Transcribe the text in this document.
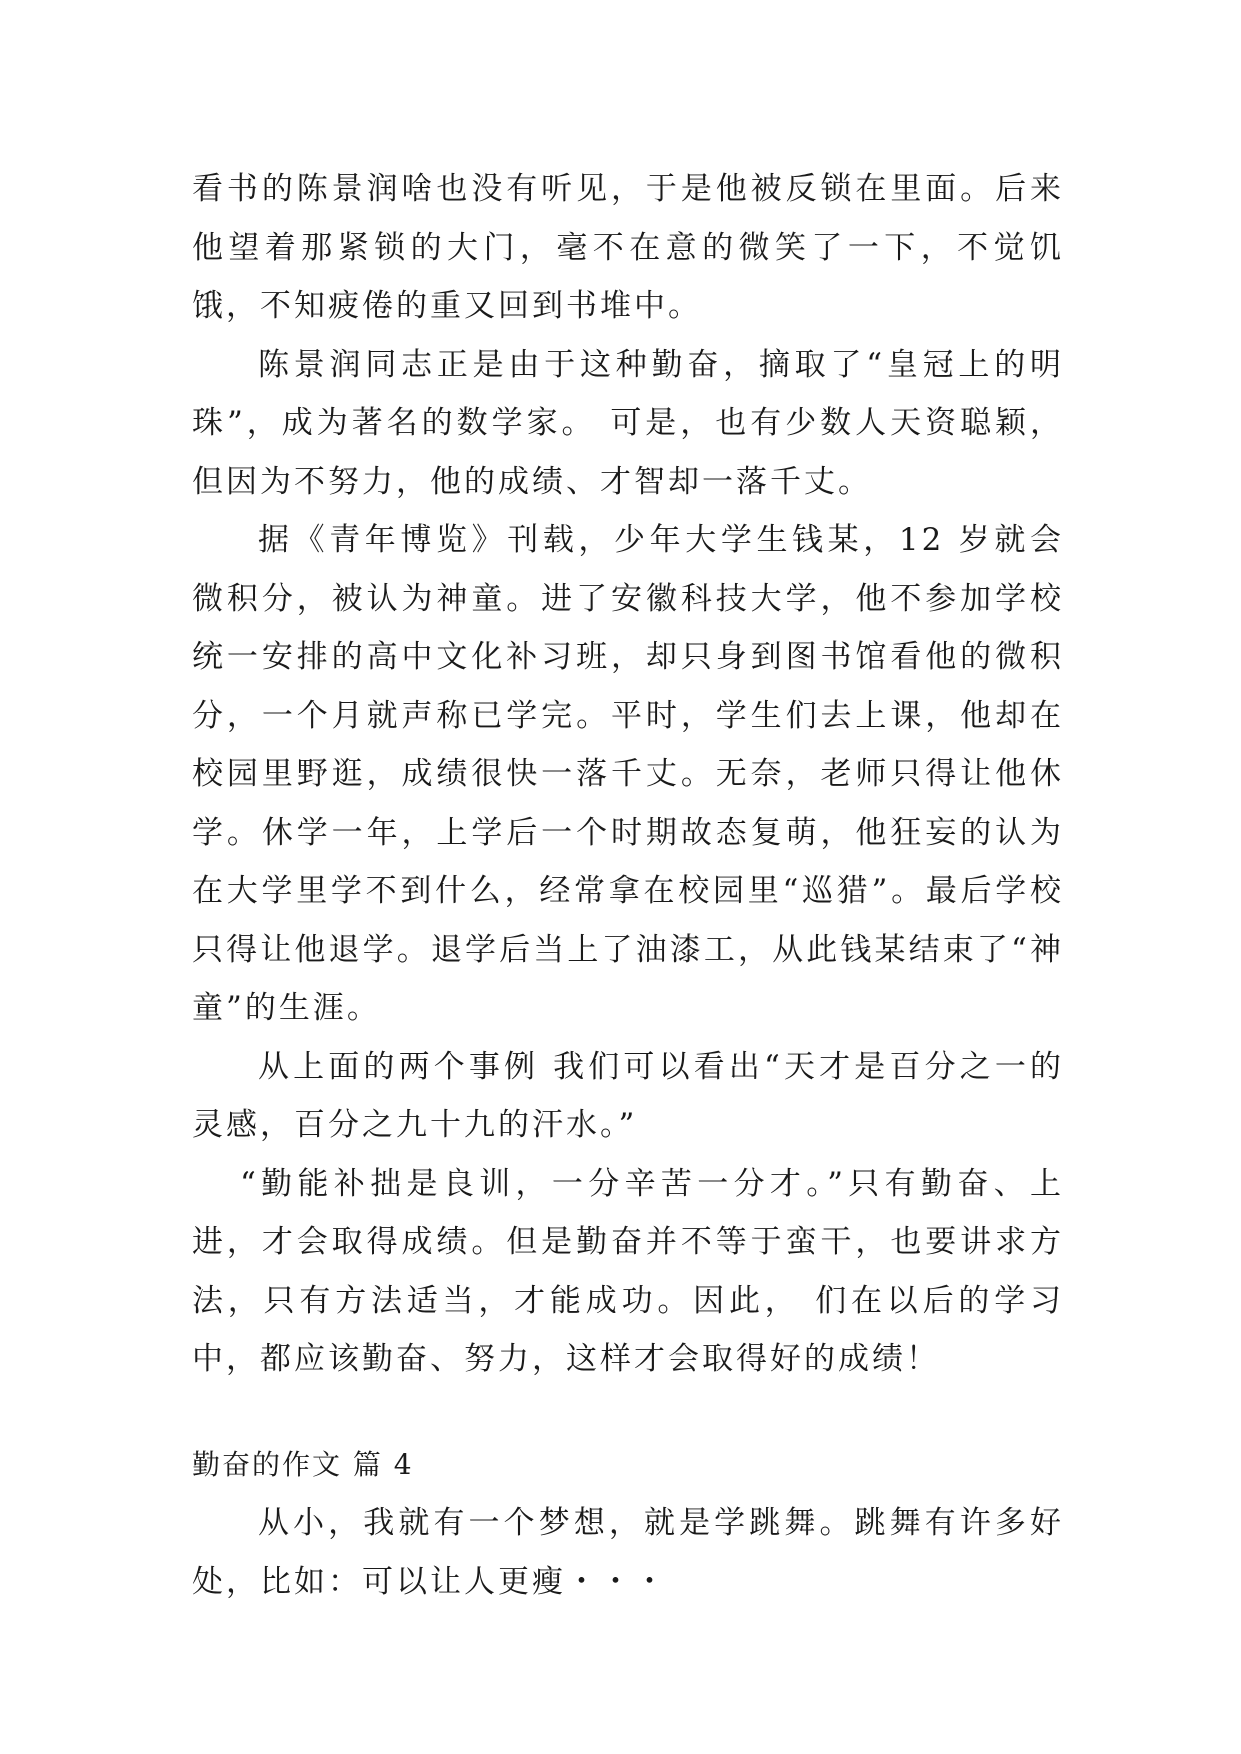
看书的陈景润啥也没有听见，于是他被反锁在里面。后来他望着那紧锁的大门，毫不在意的微笑了一下，不觉饥饿，不知疲倦的重又回到书堆中。

陈景润同志正是由于这种勤奋，摘取了“皇冠上的明珠”，成为著名的数学家。 可是，也有少数人天资聪颖，但因为不努力，他的成绩、才智却一落千丈。

据《青年博览》刊载，少年大学生钱某，12 岁就会微积分，被认为神童。进了安徽科技大学，他不参加学校统一安排的高中文化补习班，却只身到图书馆看他的微积分，一个月就声称已学完。平时，学生们去上课，他却在校园里野逛，成绩很快一落千丈。无奈，老师只得让他休学。休学一年，上学后一个时期故态复萌，他狂妄的认为在大学里学不到什么，经常拿在校园里“巡猎”。最后学校只得让他退学。退学后当上了油漆工，从此钱某结束了“神童”的生涯。

从上面的两个事例 我们可以看出“天才是百分之一的灵感，百分之九十九的汗水。”

“勤能补拙是良训，一分辛苦一分才。”只有勤奋、上进，才会取得成绩。但是勤奋并不等于蛮干，也要讲求方法，只有方法适当，才能成功。因此， 们在以后的学习中，都应该勤奋、努力，这样才会取得好的成绩！

勤奋的作文 篇 4

从小，我就有一个梦想，就是学跳舞。跳舞有许多好处，比如：可以让人更瘦・・・
